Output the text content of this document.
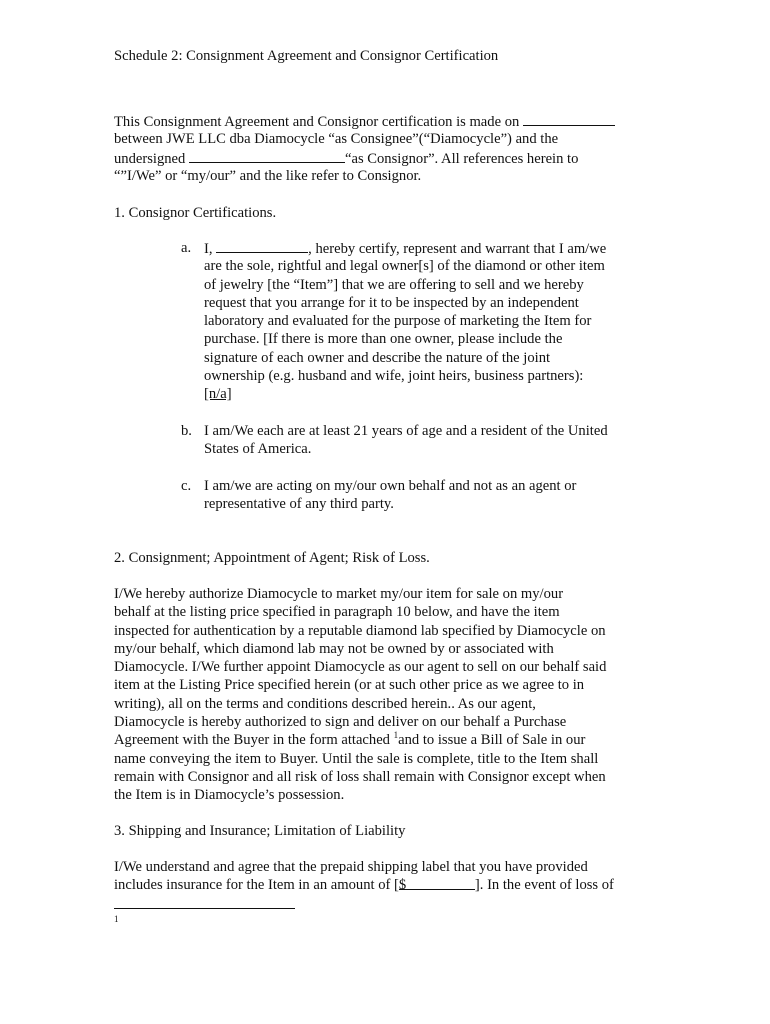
Schedule 2: Consignment Agreement and Consignor Certification
This Consignment Agreement and Consignor certification is made on
between JWE LLC dba Diamocycle “as Consignee”(“Diamocycle”) and the
undersigned	“as Consignor”. All references herein to
“”I/We” or “my/our” and the like refer to Consignor.
1. Consignor Certifications.
a. I,	, hereby certify, represent and warrant that I am/we
are the sole, rightful and legal owner[s] of the diamond or other item
of jewelry [the “Item”] that we are offering to sell and we hereby
request that you arrange for it to be inspected by an independent
laboratory and evaluated for the purpose of marketing the Item for
purchase. [If there is more than one owner, please include the
signature of each owner and describe the nature of the joint
ownership (e.g. husband and wife, joint heirs, business partners):
[n/a]
b. I am/We each are at least 21 years of age and a resident of the United
States of America.
c. I am/we are acting on my/our own behalf and not as an agent or
representative of any third party.
2. Consignment; Appointment of Agent; Risk of Loss.
I/We hereby authorize Diamocycle to market my/our item for sale on my/our
behalf at the listing price specified in paragraph 10 below, and have the item
inspected for authentication by a reputable diamond lab specified by Diamocycle on
my/our behalf, which diamond lab may not be owned by or associated with
Diamocycle. I/We further appoint Diamocycle as our agent to sell on our behalf said
item at the Listing Price specified herein (or at such other price as we agree to in
writing), all on the terms and conditions described herein.. As our agent,
Diamocycle is hereby authorized to sign and deliver on our behalf a Purchase
Agreement with the Buyer in the form attached $^1$and to issue a Bill of Sale in our
name conveying the item to Buyer. Until the sale is complete, title to the Item shall
remain with Consignor and all risk of loss shall remain with Consignor except when
the Item is in Diamocycle’s possession.
3. Shipping and Insurance; Limitation of Liability
I/We understand and agree that the prepaid shipping label that you have provided
includes insurance for the Item in an amount of [$	]. In the event of loss of
1
